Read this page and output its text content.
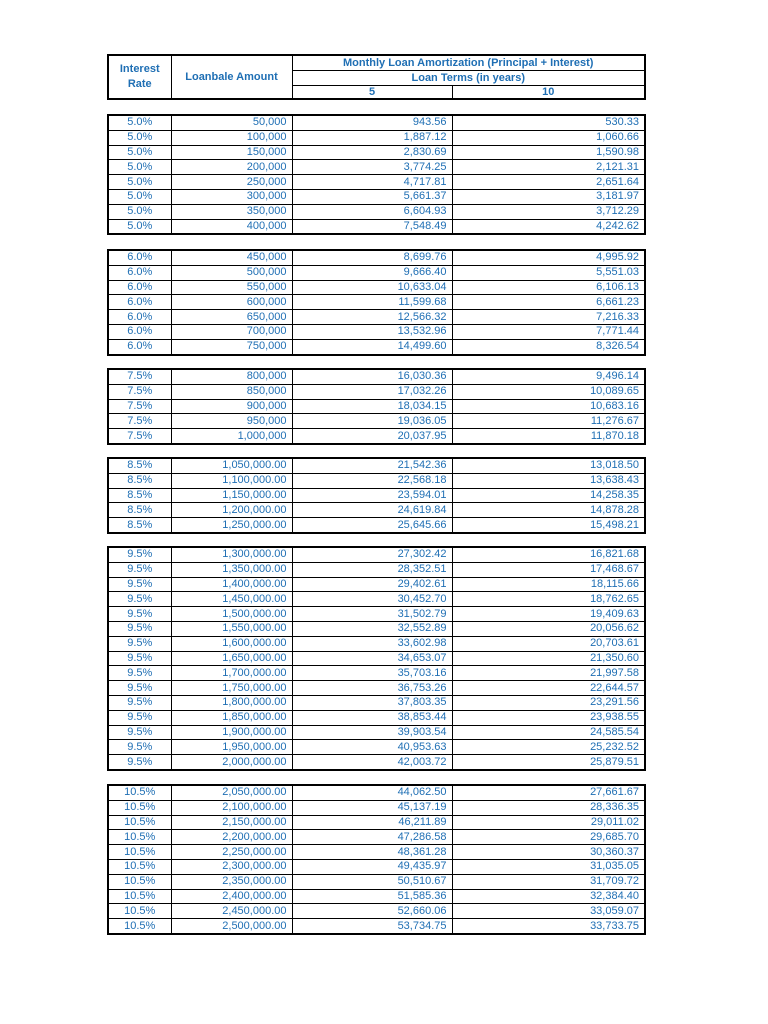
Interest Rate	Loanbale Amount	Monthly Loan Amortization (Principal + Interest)	
		Loan Terms (in years)	
		5	10
5.0%	50,000	943.56	530.33
5.0%	100,000	1,887.12	1,060.66
5.0%	150,000	2,830.69	1,590.98
5.0%	200,000	3,774.25	2,121.31
5.0%	250,000	4,717.81	2,651.64
5.0%	300,000	5,661.37	3,181.97
5.0%	350,000	6,604.93	3,712.29
5.0%	400,000	7,548.49	4,242.62
6.0%	450,000	8,699.76	4,995.92
6.0%	500,000	9,666.40	5,551.03
6.0%	550,000	10,633.04	6,106.13
6.0%	600,000	11,599.68	6,661.23
6.0%	650,000	12,566.32	7,216.33
6.0%	700,000	13,532.96	7,771.44
6.0%	750,000	14,499.60	8,326.54
7.5%	800,000	16,030.36	9,496.14
7.5%	850,000	17,032.26	10,089.65
7.5%	900,000	18,034.15	10,683.16
7.5%	950,000	19,036.05	11,276.67
7.5%	1,000,000	20,037.95	11,870.18
8.5%	1,050,000.00	21,542.36	13,018.50
8.5%	1,100,000.00	22,568.18	13,638.43
8.5%	1,150,000.00	23,594.01	14,258.35
8.5%	1,200,000.00	24,619.84	14,878.28
8.5%	1,250,000.00	25,645.66	15,498.21
9.5%	1,300,000.00	27,302.42	16,821.68
9.5%	1,350,000.00	28,352.51	17,468.67
9.5%	1,400,000.00	29,402.61	18,115.66
9.5%	1,450,000.00	30,452.70	18,762.65
9.5%	1,500,000.00	31,502.79	19,409.63
9.5%	1,550,000.00	32,552.89	20,056.62
9.5%	1,600,000.00	33,602.98	20,703.61
9.5%	1,650,000.00	34,653.07	21,350.60
9.5%	1,700,000.00	35,703.16	21,997.58
9.5%	1,750,000.00	36,753.26	22,644.57
9.5%	1,800,000.00	37,803.35	23,291.56
9.5%	1,850,000.00	38,853.44	23,938.55
9.5%	1,900,000.00	39,903.54	24,585.54
9.5%	1,950,000.00	40,953.63	25,232.52
9.5%	2,000,000.00	42,003.72	25,879.51
10.5%	2,050,000.00	44,062.50	27,661.67
10.5%	2,100,000.00	45,137.19	28,336.35
10.5%	2,150,000.00	46,211.89	29,011.02
10.5%	2,200,000.00	47,286.58	29,685.70
10.5%	2,250,000.00	48,361.28	30,360.37
10.5%	2,300,000.00	49,435.97	31,035.05
10.5%	2,350,000.00	50,510.67	31,709.72
10.5%	2,400,000.00	51,585.36	32,384.40
10.5%	2,450,000.00	52,660.06	33,059.07
10.5%	2,500,000.00	53,734.75	33,733.75
